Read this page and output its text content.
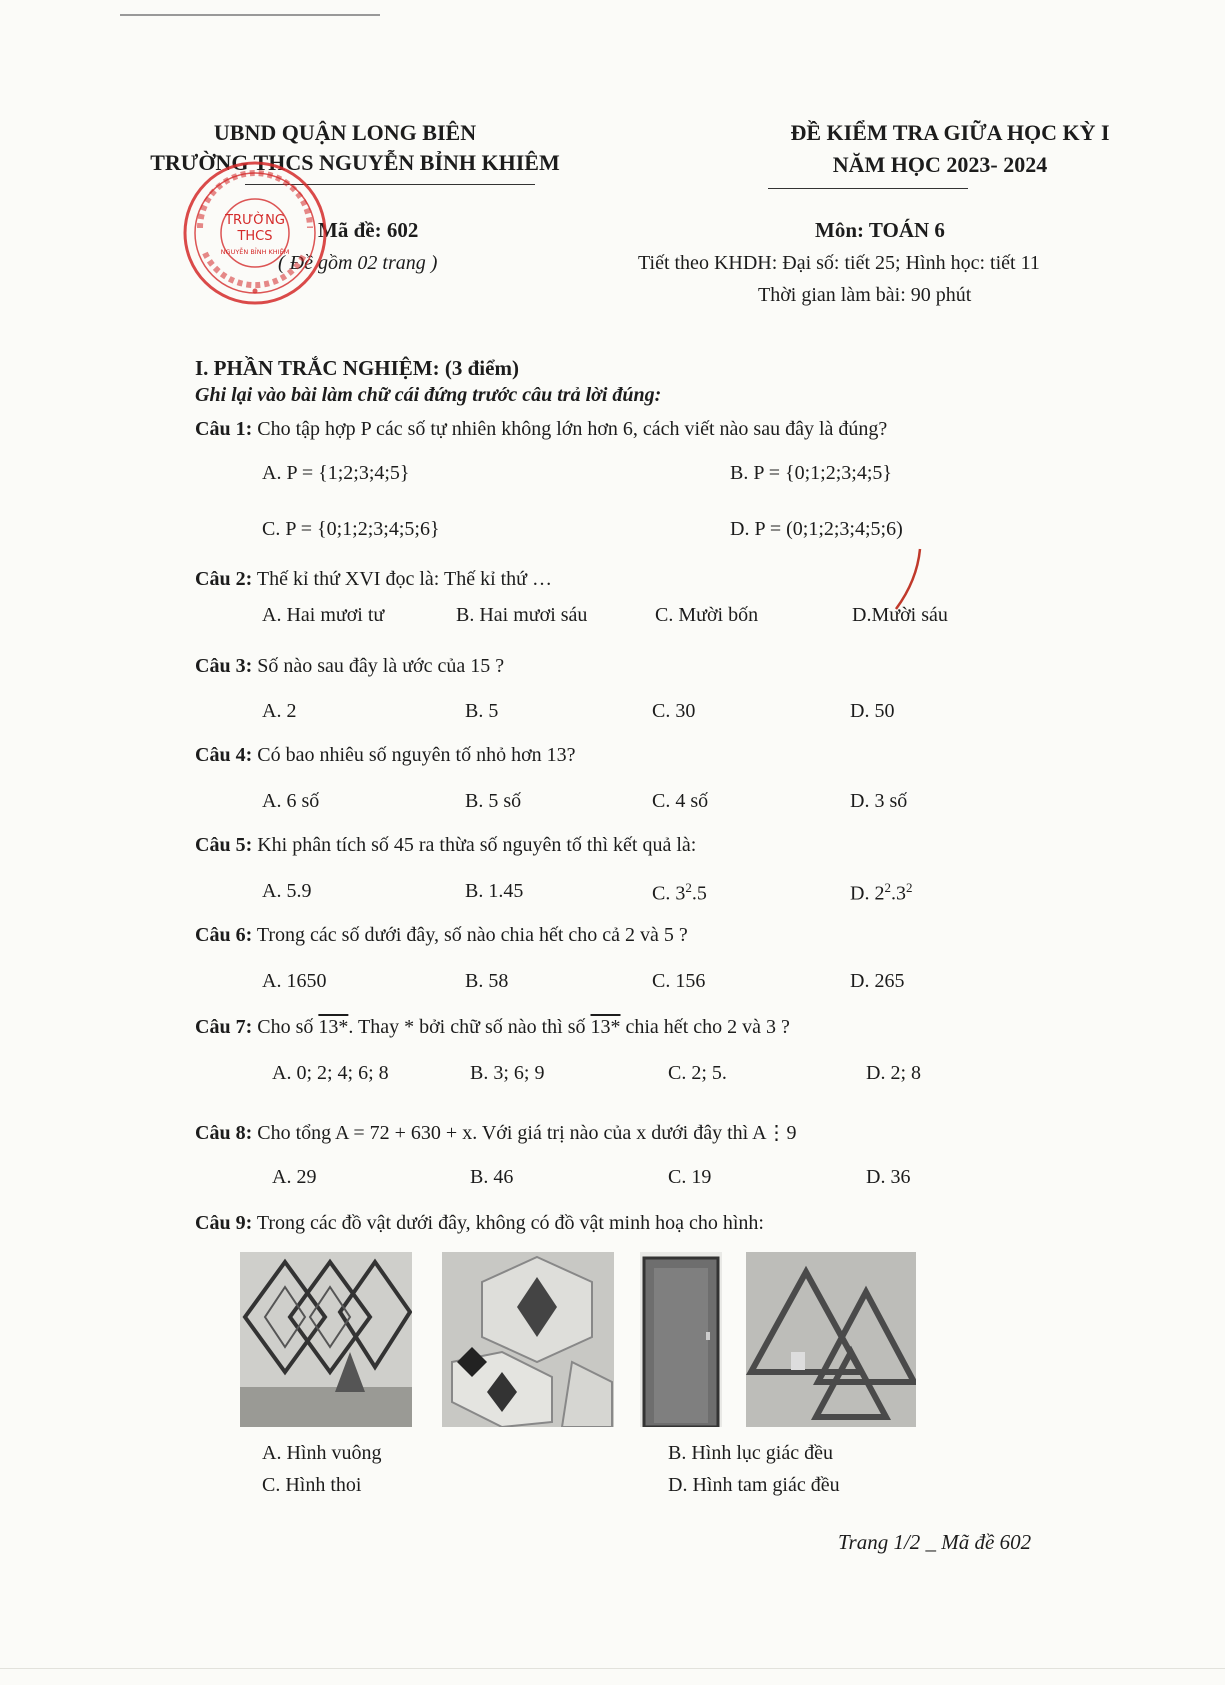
UBND QUẬN LONG BIÊN
TRƯỜNG THCS NGUYỄN BỈNH KHIÊM
ĐỀ KIỂM TRA GIỮA HỌC KỲ I
NĂM HỌC 2023- 2024
Mã đề: 602
( Đề gồm 02 trang )
Môn: TOÁN 6
Tiết theo KHDH: Đại số: tiết 25; Hình học: tiết 11
Thời gian làm bài: 90 phút
TRƯỜNG
THCS
NGUYỄN BỈNH KHIÊM
I. PHẦN TRẮC NGHIỆM: (3 điểm)
Ghi lại vào bài làm chữ cái đứng trước câu trả lời đúng:
Câu 1: Cho tập hợp P các số tự nhiên không lớn hơn 6, cách viết nào sau đây là đúng?
A. P = {1;2;3;4;5}	B. P = {0;1;2;3;4;5}
C. P = {0;1;2;3;4;5;6}	D. P = (0;1;2;3;4;5;6)
Câu 2: Thế kỉ thứ XVI đọc là: Thế kỉ thứ …
A. Hai mươi tư	B. Hai mươi sáu	C. Mười bốn	D.Mười sáu
Câu 3: Số nào sau đây là ước của 15 ?
A. 2	B. 5	C. 30	D. 50
Câu 4: Có bao nhiêu số nguyên tố nhỏ hơn 13?
A. 6 số	B. 5 số	C. 4 số	D. 3 số
Câu 5: Khi phân tích số 45 ra thừa số nguyên tố thì kết quả là:
A. 5.9	B. 1.45	C. $3^2.5$	D. $2^2.3^2$
Câu 6: Trong các số dưới đây, số nào chia hết cho cả 2 và 5 ?
A. 1650	B. 58	C. 156	D. 265
Câu 7: Cho số 13*. Thay * bởi chữ số nào thì số 13* chia hết cho 2 và 3 ?
A. 0; 2; 4; 6; 8	B. 3; 6; 9	C. 2; 5.	D. 2; 8
Câu 8: Cho tổng A = 72 + 630 + x. Với giá trị nào của x dưới đây thì A⋮9
A. 29	B. 46	C. 19	D. 36
Câu 9: Trong các đồ vật dưới đây, không có đồ vật minh hoạ cho hình:
A. Hình vuông	B. Hình lục giác đều
C. Hình thoi	D. Hình tam giác đều
Trang 1/2 _ Mã đề 602
